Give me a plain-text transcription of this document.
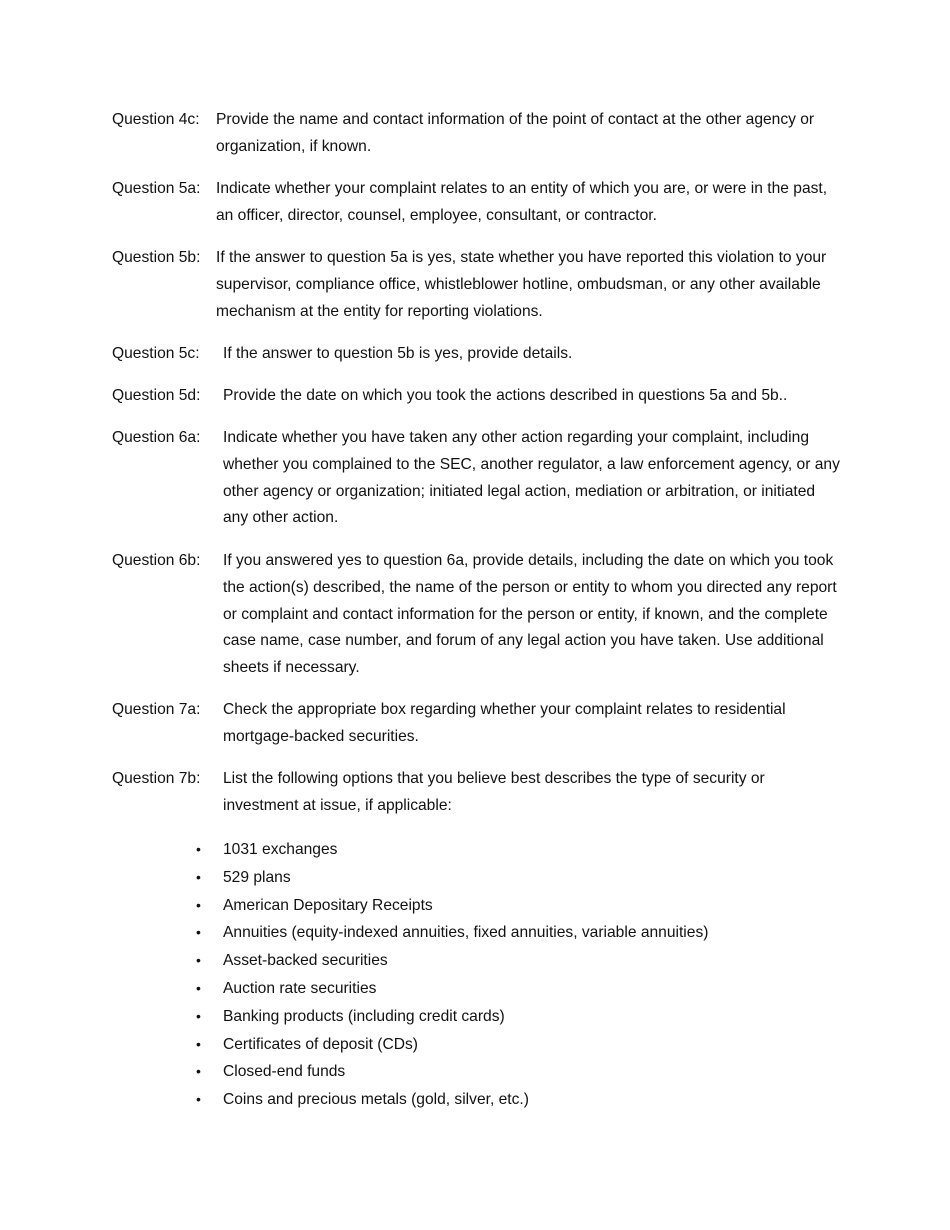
Question 4c: Provide the name and contact information of the point of contact at the other agency or organization, if known.
Question 5a: Indicate whether your complaint relates to an entity of which you are, or were in the past, an officer, director, counsel, employee, consultant, or contractor.
Question 5b: If the answer to question 5a is yes, state whether you have reported this violation to your supervisor, compliance office, whistleblower hotline, ombudsman, or any other available mechanism at the entity for reporting violations.
Question 5c: If the answer to question 5b is yes, provide details.
Question 5d: Provide the date on which you took the actions described in questions 5a and 5b..
Question 6a: Indicate whether you have taken any other action regarding your complaint, including whether you complained to the SEC, another regulator, a law enforcement agency, or any other agency or organization; initiated legal action, mediation or arbitration, or initiated any other action.
Question 6b: If you answered yes to question 6a, provide details, including the date on which you took the action(s) described, the name of the person or entity to whom you directed any report or complaint and contact information for the person or entity, if known, and the complete case name, case number, and forum of any legal action you have taken. Use additional sheets if necessary.
Question 7a: Check the appropriate box regarding whether your complaint relates to residential mortgage-backed securities.
Question 7b: List the following options that you believe best describes the type of security or investment at issue, if applicable:
• 1031 exchanges
• 529 plans
• American Depositary Receipts
• Annuities (equity-indexed annuities, fixed annuities, variable annuities)
• Asset-backed securities
• Auction rate securities
• Banking products (including credit cards)
• Certificates of deposit (CDs)
• Closed-end funds
• Coins and precious metals (gold, silver, etc.)
